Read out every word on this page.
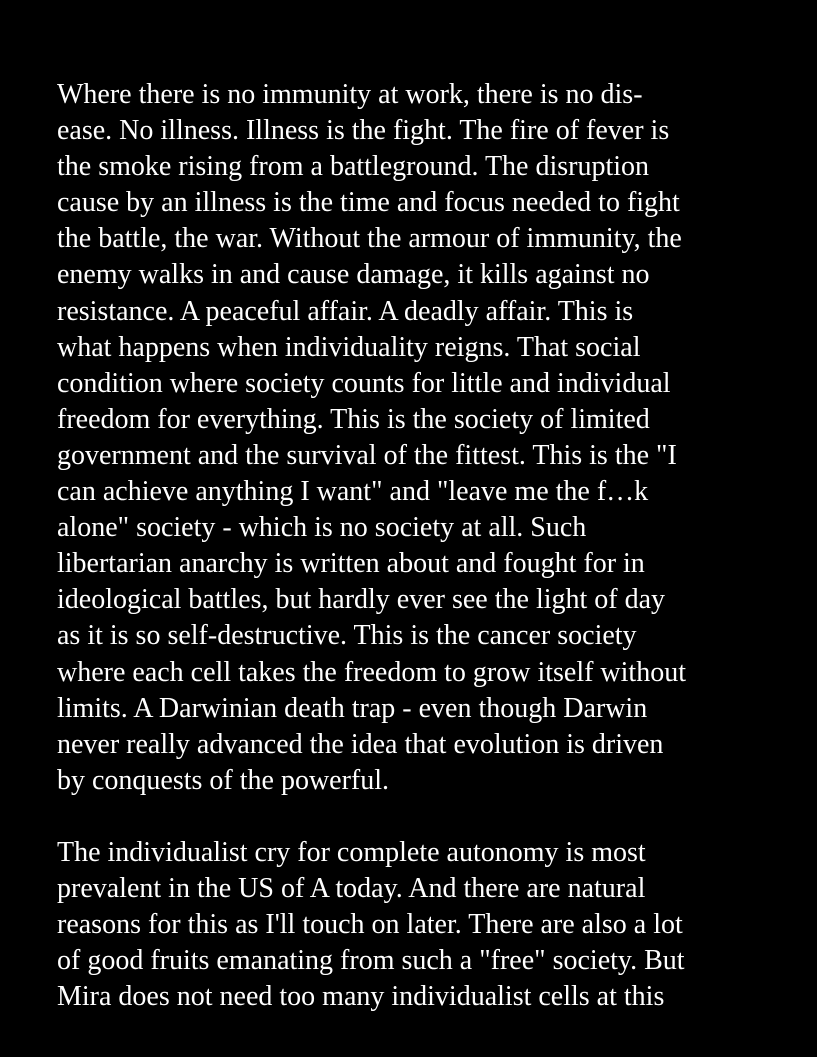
Where there is no immunity at work, there is no dis-
ease. No illness. Illness is the fight. The fire of fever is
the smoke rising from a battleground. The disruption
cause by an illness is the time and focus needed to fight
the battle, the war. Without the armour of immunity, the
enemy walks in and cause damage, it kills against no
resistance. A peaceful affair. A deadly affair. This is
what happens when individuality reigns. That social
condition where society counts for little and individual
freedom for everything. This is the society of limited
government and the survival of the fittest. This is the "I
can achieve anything I want" and "leave me the f…k
alone" society - which is no society at all. Such
libertarian anarchy is written about and fought for in
ideological battles, but hardly ever see the light of day
as it is so self-destructive. This is the cancer society
where each cell takes the freedom to grow itself without
limits. A Darwinian death trap - even though Darwin
never really advanced the idea that evolution is driven
by conquests of the powerful.

The individualist cry for complete autonomy is most
prevalent in the US of A today. And there are natural
reasons for this as I'll touch on later. There are also a lot
of good fruits emanating from such a "free" society. But
Mira does not need too many individualist cells at this
